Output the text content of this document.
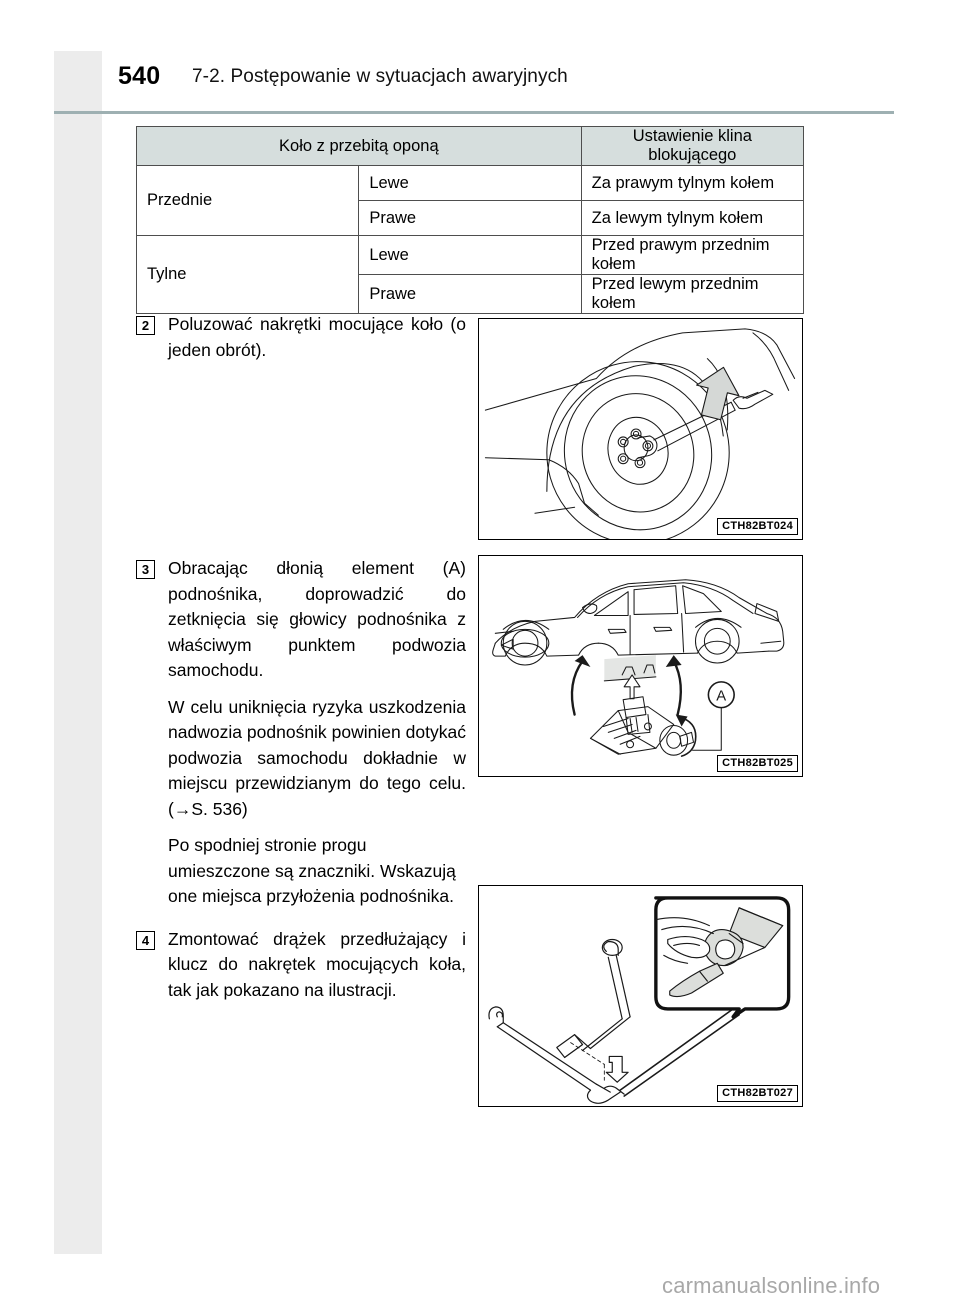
540 7-2. Postępowanie w sytuacjach awaryjnych
Koło z przebitą oponą		Ustawienie klina blokującego
Przednie	Lewe	Za prawym tylnym kołem
	Prawe	Za lewym tylnym kołem
Tylne	Lewe	Przed prawym przednim kołem
	Prawe	Przed lewym przednim kołem
2	Poluzować nakrętki mocujące koło (o jeden obrót).
3	Obracając dłonią element (A) podnośnika, doprowadzić do zetknięcia się głowicy podnośnika z właściwym punktem podwozia samochodu.
W celu uniknięcia ryzyka uszkodzenia nadwozia podnośnik powinien dotykać podwozia samochodu dokładnie w miejscu przewidzianym do tego celu. (→S. 536)
Po spodniej stronie progu umieszczone są znaczniki. Wskazują one miejsca przyłożenia podnośnika.
4	Zmontować drążek przedłużający i klucz do nakrętek mocujących koła, tak jak pokazano na ilustracji.
CTH82BT024
A
CTH82BT025
CTH82BT027
carmanualsonline.info
